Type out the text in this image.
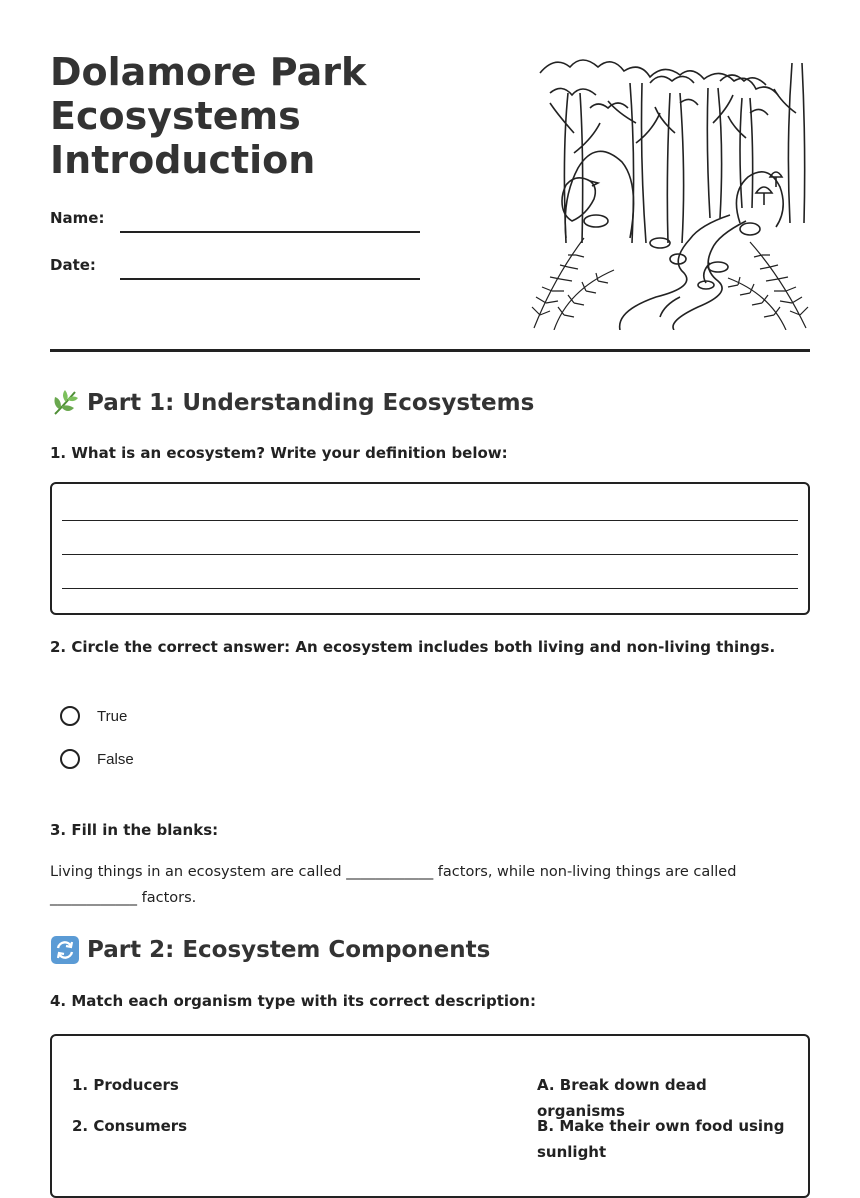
Dolamore Park
Ecosystems
Introduction
Name:
Date:
Part 1: Understanding Ecosystems
1. What is an ecosystem? Write your definition below:
2. Circle the correct answer: An ecosystem includes both living and non-living things.
True
False
3. Fill in the blanks:

Living things in an ecosystem are called ____________ factors, while non-living things are called ____________ factors.

Part 2: Ecosystem Components
4. Match each organism type with its correct description:
1. Producers
2. Consumers
A. Break down dead organisms
B. Make their own food using sunlight
